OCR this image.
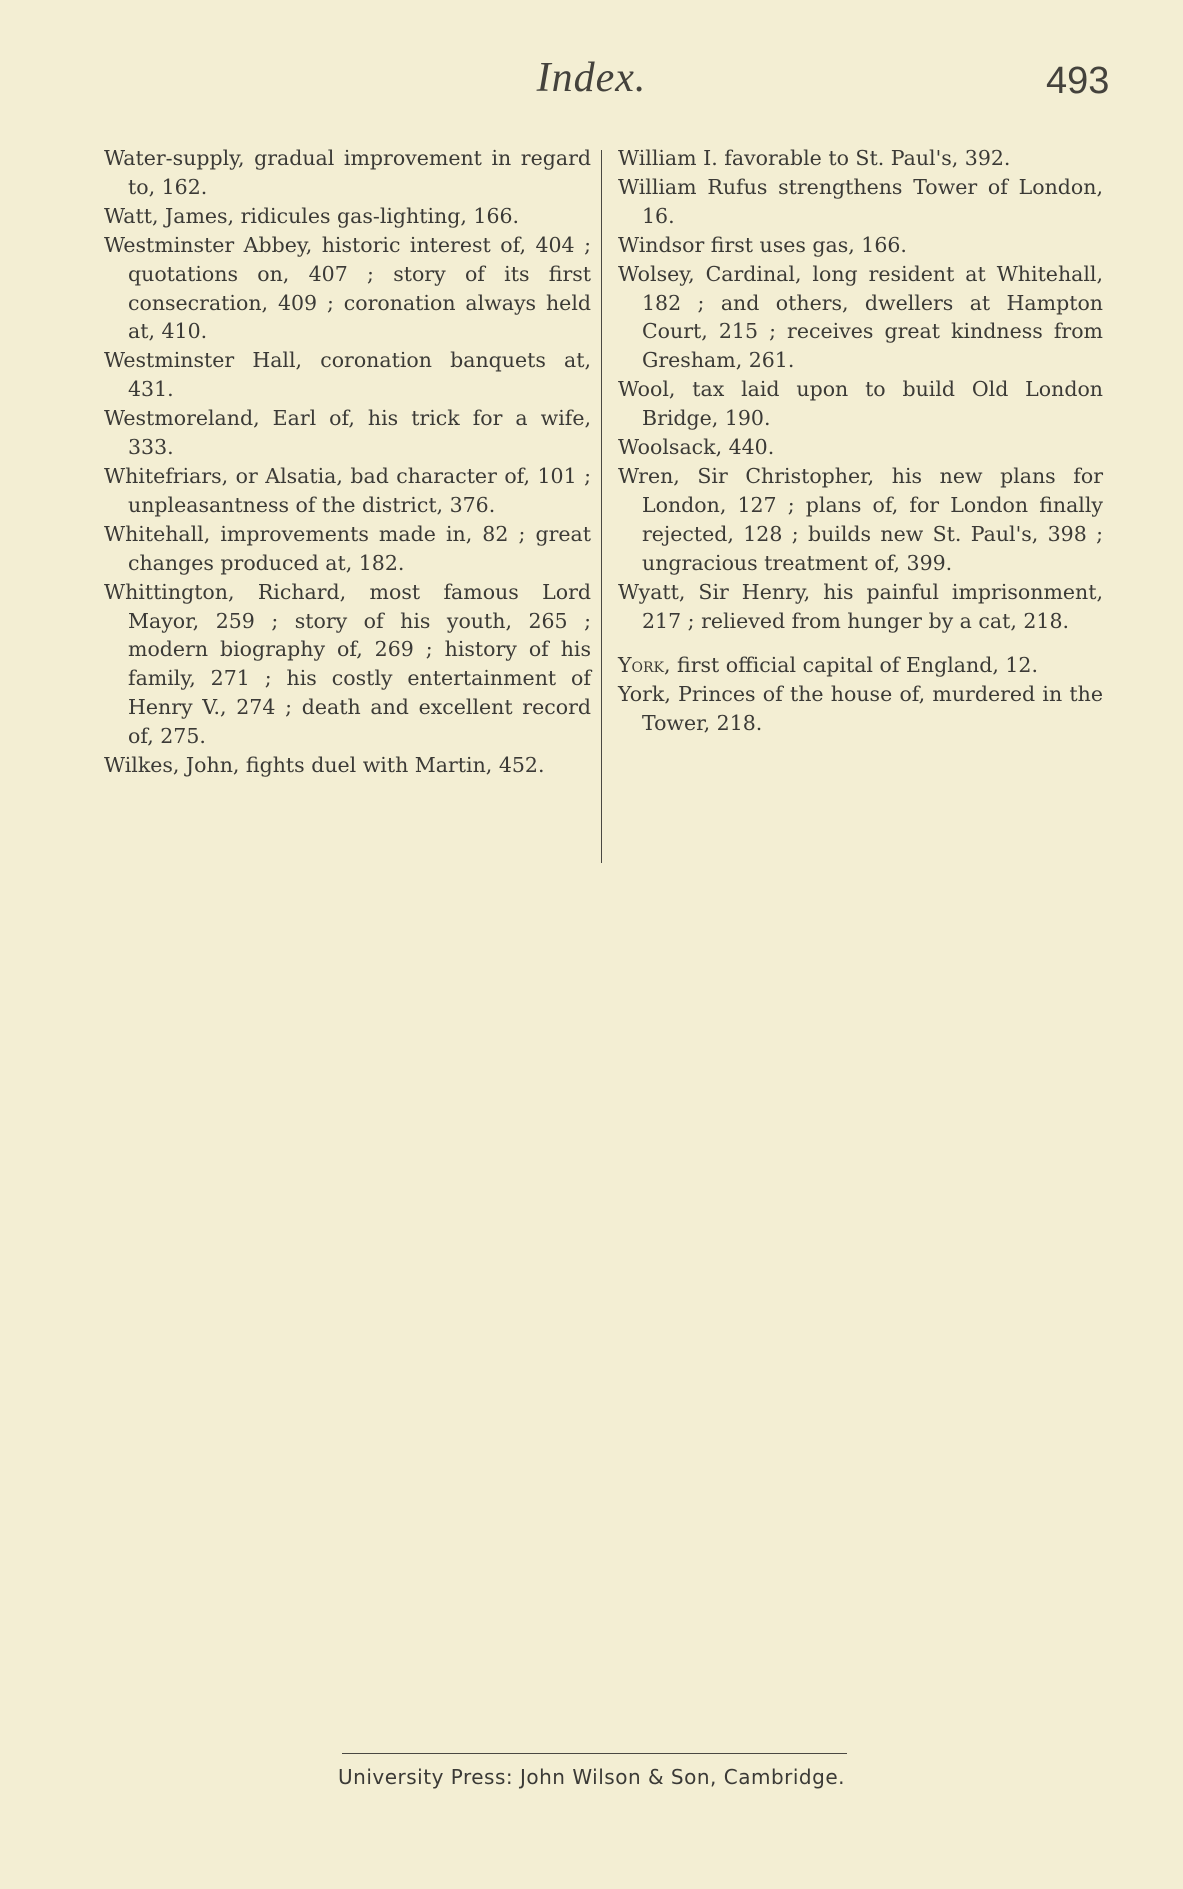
Index.	493

Water-supply, gradual improvement in regard to, 162.

Watt, James, ridicules gas-lighting, 166.

Westminster Abbey, historic interest of, 404 ; quotations on, 407 ; story of its first consecration, 409 ; coronation always held at, 410.

Westminster Hall, coronation banquets at, 431.

Westmoreland, Earl of, his trick for a wife, 333.

Whitefriars, or Alsatia, bad character of, 101 ; unpleasantness of the district, 376.

Whitehall, improvements made in, 82 ; great changes produced at, 182.

Whittington, Richard, most famous Lord Mayor, 259 ; story of his youth, 265 ; modern biography of, 269 ; history of his family, 271 ; his costly entertainment of Henry V., 274 ; death and excellent record of, 275.

Wilkes, John, fights duel with Martin, 452.

William I. favorable to St. Paul's, 392.

William Rufus strengthens Tower of London, 16.

Windsor first uses gas, 166.

Wolsey, Cardinal, long resident at Whitehall, 182 ; and others, dwellers at Hampton Court, 215 ; receives great kindness from Gresham, 261.

Wool, tax laid upon to build Old London Bridge, 190.

Woolsack, 440.

Wren, Sir Christopher, his new plans for London, 127 ; plans of, for London finally rejected, 128 ; builds new St. Paul's, 398 ; ungracious treatment of, 399.

Wyatt, Sir Henry, his painful imprisonment, 217 ; relieved from hunger by a cat, 218.

York, first official capital of England, 12.

York, Princes of the house of, murdered in the Tower, 218.

University Press: John Wilson & Son, Cambridge.
